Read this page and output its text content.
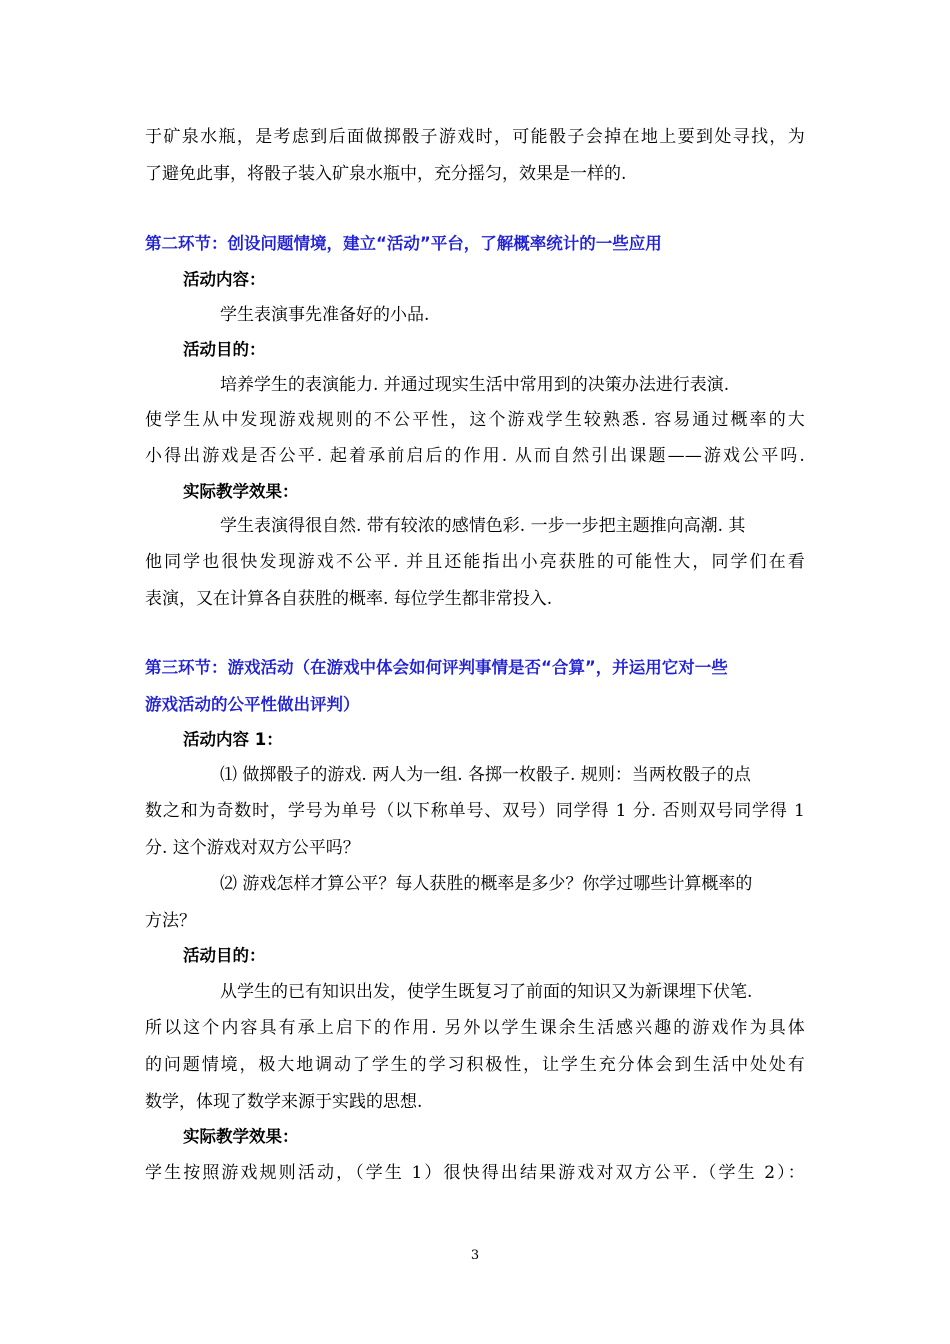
于矿泉水瓶，是考虑到后面做掷骰子游戏时，可能骰子会掉在地上要到处寻找，为
了避免此事，将骰子装入矿泉水瓶中，充分摇匀，效果是一样的.
第二环节：创设问题情境，建立“活动”平台，了解概率统计的一些应用
活动内容：
学生表演事先准备好的小品.
活动目的：
培养学生的表演能力. 并通过现实生活中常用到的决策办法进行表演.
使学生从中发现游戏规则的不公平性，这个游戏学生较熟悉. 容易通过概率的大
小得出游戏是否公平. 起着承前启后的作用. 从而自然引出课题——游戏公平吗.
实际教学效果：
学生表演得很自然. 带有较浓的感情色彩. 一步一步把主题推向高潮. 其
他同学也很快发现游戏不公平. 并且还能指出小亮获胜的可能性大，同学们在看
表演，又在计算各自获胜的概率. 每位学生都非常投入.
第三环节：游戏活动（在游戏中体会如何评判事情是否“合算”，并运用它对一些
游戏活动的公平性做出评判）
活动内容 1：
⑴ 做掷骰子的游戏. 两人为一组. 各掷一枚骰子. 规则：当两枚骰子的点
数之和为奇数时，学号为单号（以下称单号、双号）同学得 1 分. 否则双号同学得 1
分. 这个游戏对双方公平吗？
⑵ 游戏怎样才算公平？每人获胜的概率是多少？你学过哪些计算概率的
方法？
活动目的：
从学生的已有知识出发，使学生既复习了前面的知识又为新课埋下伏笔.
所以这个内容具有承上启下的作用. 另外以学生课余生活感兴趣的游戏作为具体
的问题情境，极大地调动了学生的学习积极性，让学生充分体会到生活中处处有
数学，体现了数学来源于实践的思想.
实际教学效果：
学生按照游戏规则活动，（学生 1）很快得出结果游戏对双方公平.（学生 2）：
3
